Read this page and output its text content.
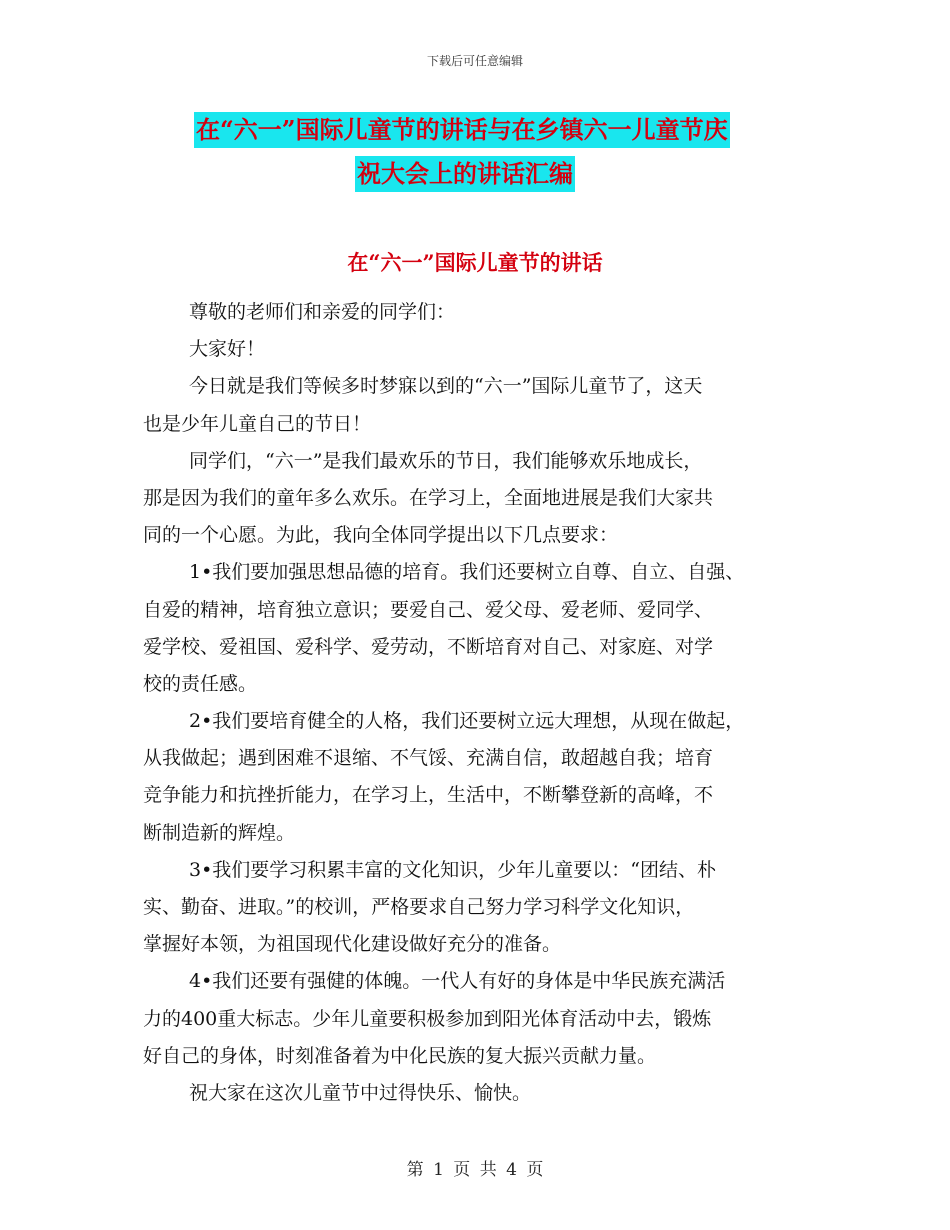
下载后可任意编辑
在“六一”国际儿童节的讲话与在乡镇六一儿童节庆
祝大会上的讲话汇编
在“六一”国际儿童节的讲话
尊敬的老师们和亲爱的同学们：
大家好！
今日就是我们等候多时梦寐以到的“六一”国际儿童节了，这天
也是少年儿童自己的节日！
同学们，“六一”是我们最欢乐的节日，我们能够欢乐地成长，
那是因为我们的童年多么欢乐。在学习上，全面地进展是我们大家共
同的一个心愿。为此，我向全体同学提出以下几点要求：
1•我们要加强思想品德的培育。我们还要树立自尊、自立、自强、
自爱的精神，培育独立意识；要爱自己、爱父母、爱老师、爱同学、
爱学校、爱祖国、爱科学、爱劳动，不断培育对自己、对家庭、对学
校的责任感。
2•我们要培育健全的人格，我们还要树立远大理想，从现在做起，
从我做起；遇到困难不退缩、不气馁、充满自信，敢超越自我；培育
竞争能力和抗挫折能力，在学习上，生活中，不断攀登新的高峰，不
断制造新的辉煌。
3•我们要学习积累丰富的文化知识，少年儿童要以：“团结、朴
实、勤奋、进取。”的校训，严格要求自己努力学习科学文化知识，
掌握好本领，为祖国现代化建设做好充分的准备。
4•我们还要有强健的体魄。一代人有好的身体是中华民族充满活
力的400重大标志。少年儿童要积极参加到阳光体育活动中去，锻炼
好自己的身体，时刻准备着为中化民族的复大振兴贡献力量。
祝大家在这次儿童节中过得快乐、愉快。
第 1 页 共 4 页
